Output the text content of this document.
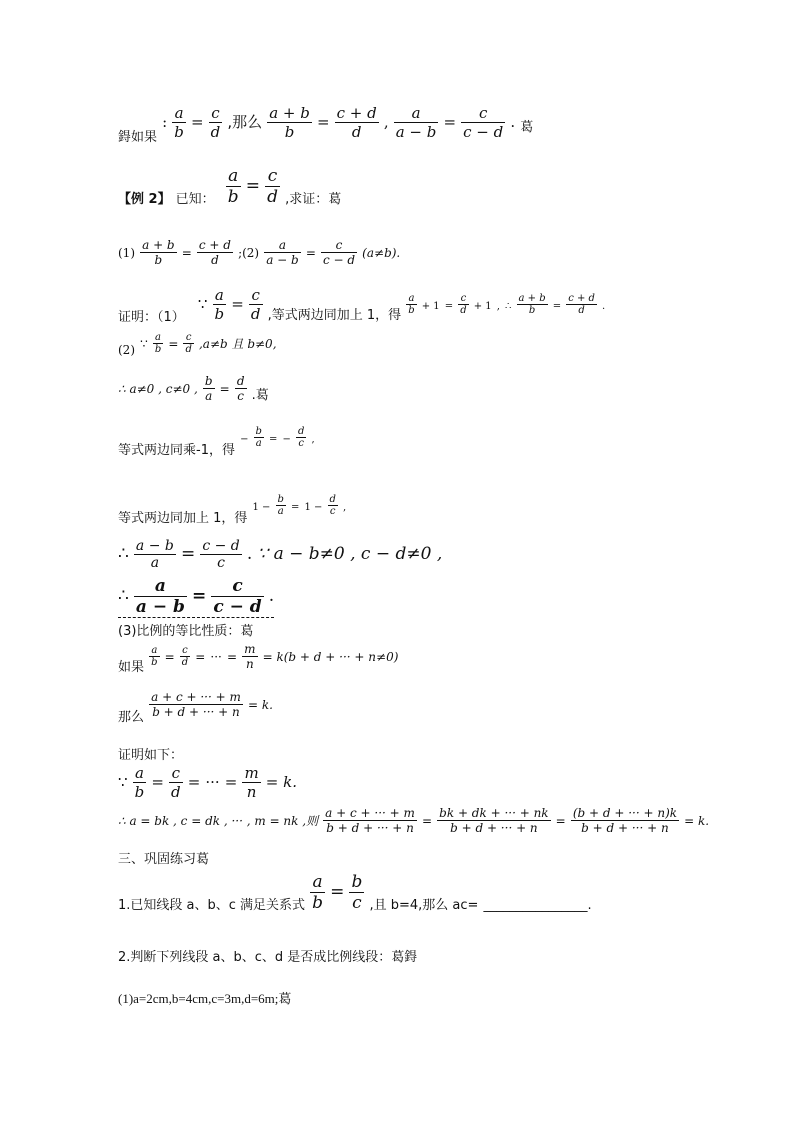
$_{鍀如果}$ : $\frac{a}{b} = \frac{c}{d}$ ,那么 $\frac{a + b}{b} = \frac{c + d}{d}$ , $\frac{a}{a - b} = \frac{c}{c - d}$ . $_葛$
$_{【例 2】}$ $_{已知:} \frac{a}{b} = \frac{c}{d} _{,求证:葛}$
$(1) \frac{a + b}{b} = \frac{c + d}{d}$ ;(2) $\frac{a}{a - b} = \frac{c}{c - d} (a\ne b)$.
$_{证明:(1)}$ ∵ $\frac{a}{b} = \frac{c}{d} _{,等式两边同加上 1,得} \frac{a}{b} + 1 = \frac{c}{d} + 1$ , ∴ $\frac{a + b}{b} = \frac{c + d}{d}$ .
$_{(2)}$ ∵ $\frac{a}{b} = \frac{c}{d} ,a\ne b$ 且 b≠0,
∴ a≠0 , c≠0 , $\frac{b}{a} = \frac{d}{c} _{.葛}$
$_{等式两边同乘-1,得} - \frac{b}{a}$ = − $\frac{d}{c}$ ,
$_{等式两边同加上 1,得}$ $1 - \frac{b}{a} = 1 - \frac{d}{c}$ ,
∴ $\frac{a - b}{a} = \frac{c - d}{c}$ . ∵ a − b≠0 , c − d≠0 ,
∴ $\frac{a}{a - b} = \frac{c}{c - d}$ .
(3)比例的等比性质：葛
$_{如果} \frac{a}{b} = \frac{c}{d}$ = ··· = $\frac{m}{n} = k(b + d$ + ··· + n≠0)
$_{那么} \frac{a + c + \cdot\cdot\cdot + m}{b + d + \cdot\cdot\cdot + n} = k$.
证明如下：
∵ $\frac{a}{b} = \frac{c}{d}$ = ··· = $\frac{m}{n} = k$.
∴ a = bk , c = dk , ··· , m = nk ,则 $\frac{a + c + \cdot\cdot\cdot + m}{b + d + \cdot\cdot\cdot + n} = \frac{bk + dk + \cdot\cdot\cdot + nk}{b + d + \cdot\cdot\cdot + n} = \frac{(b + d + \cdot\cdot\cdot + n)k}{b + d + \cdot\cdot\cdot + n} = k$.
三、巩固练习葛
$_{1.已知线段 a、b、c 满足关系式} \frac{a}{b} = \frac{b}{c} _{,且 b=4,那么 ac=}$ $_{\_\_\_\_\_\_\_\_\_\_\_\_\_\_\_\_.}$
2.判断下列线段 a、b、c、d 是否成比例线段：葛鍀
(1)a=2cm,b=4cm,c=3m,d=6m;葛
